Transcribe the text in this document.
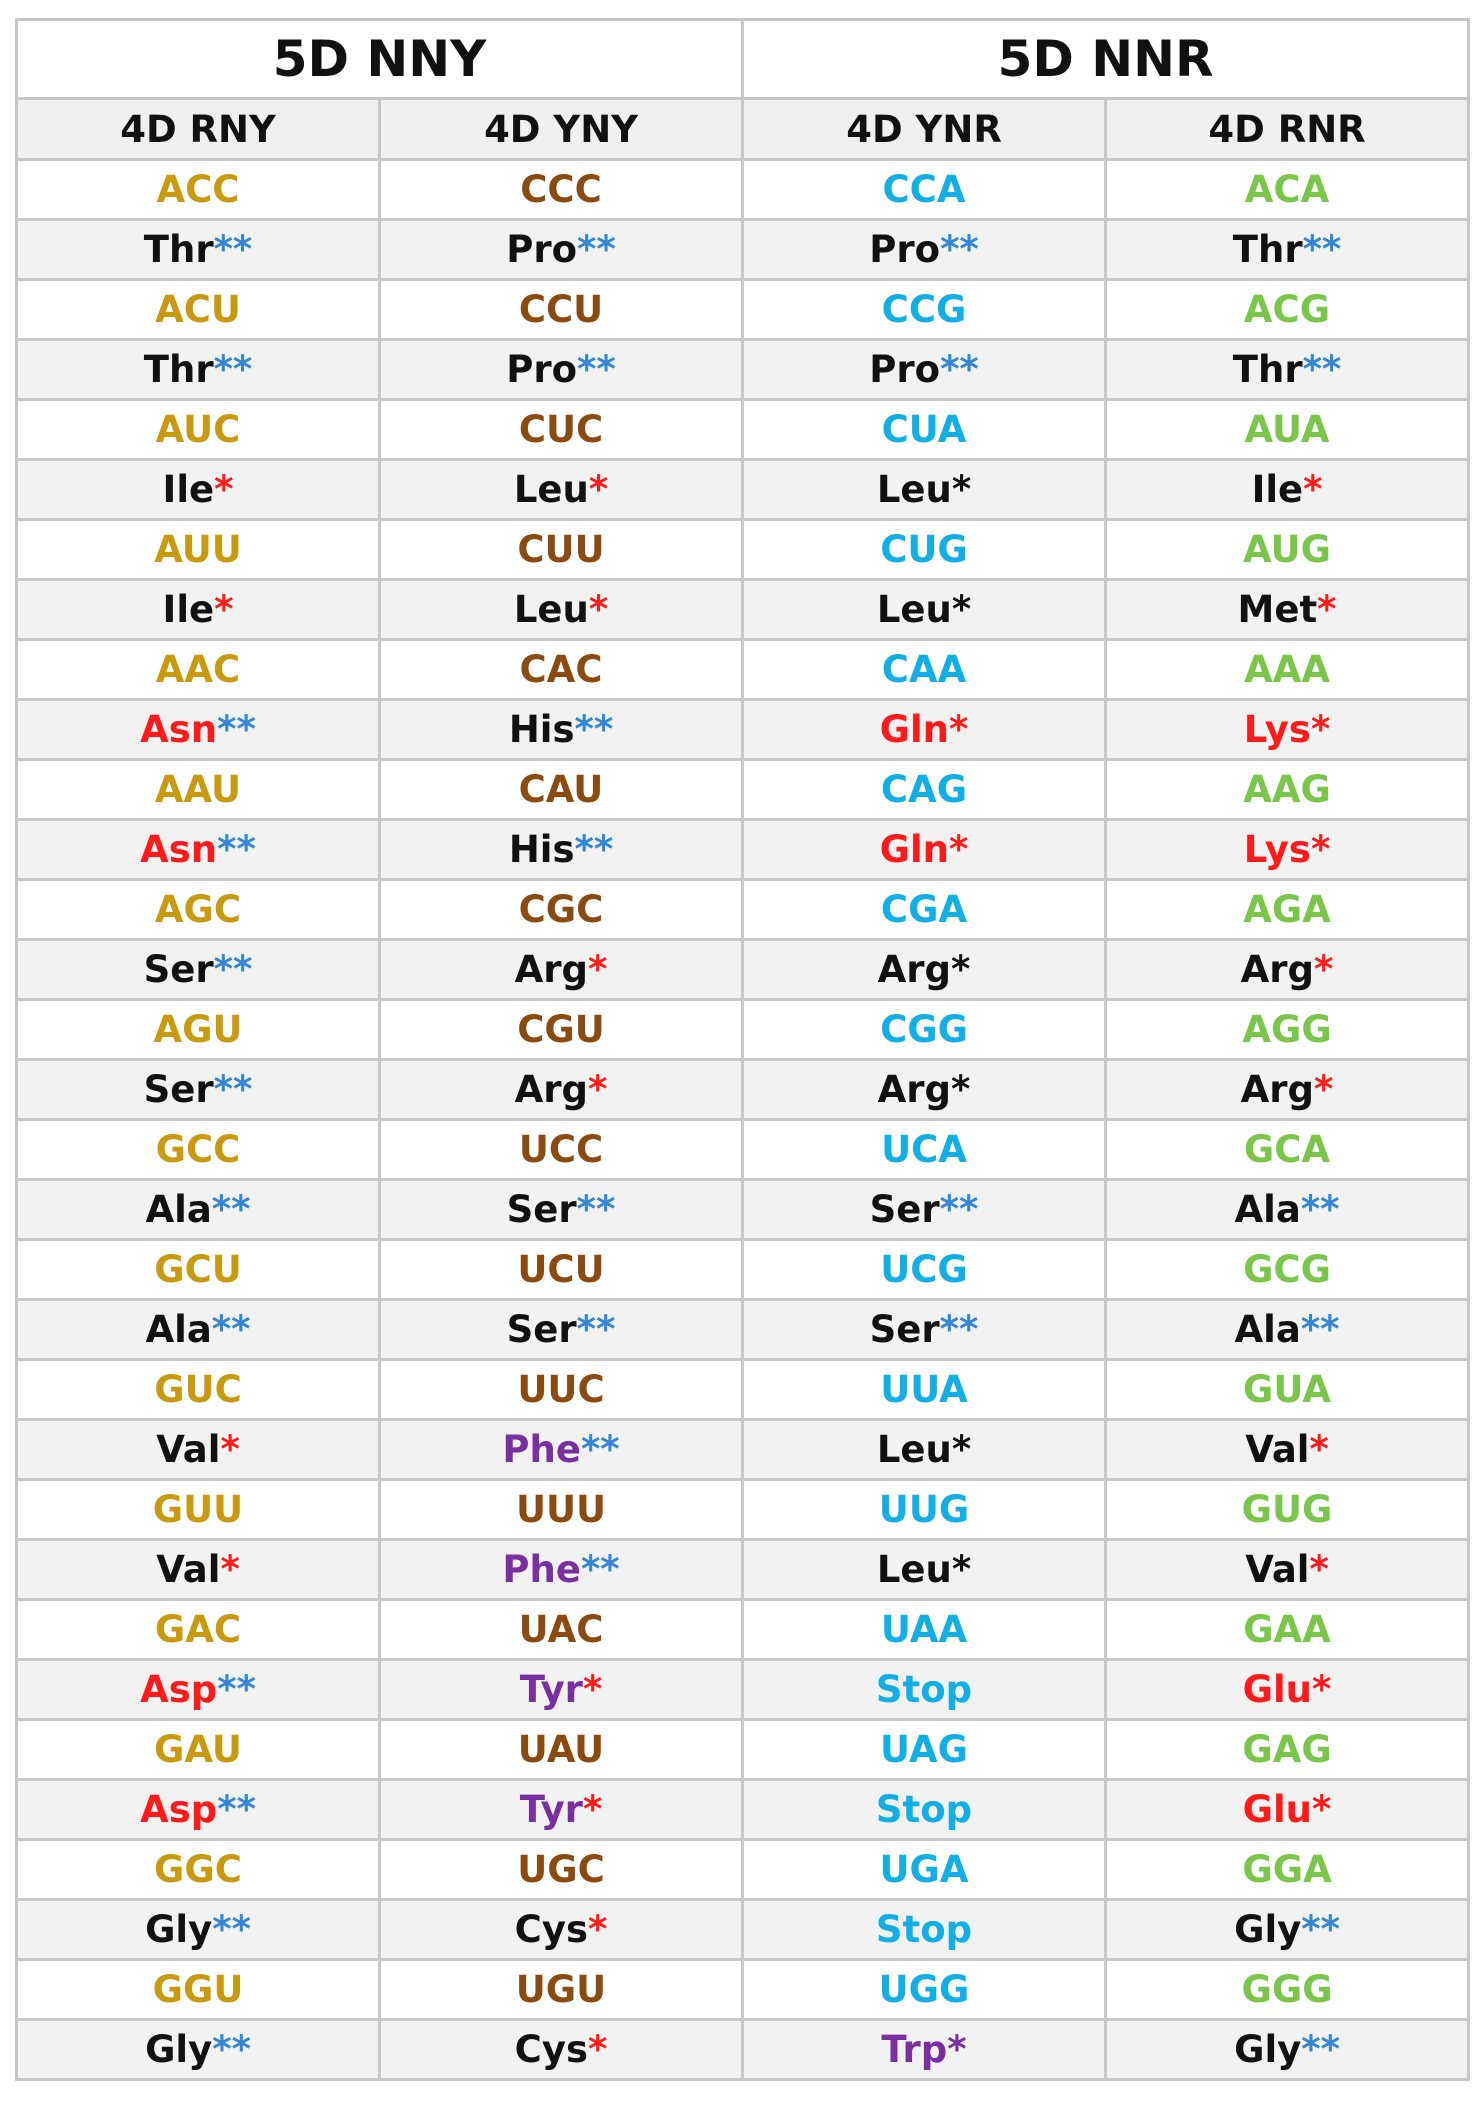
5D NNY		5D NNR	
4D RNY	4D YNY	4D YNR	4D RNR
ACC	CCC	CCA	ACA
Thr**	Pro**	Pro**	Thr**
ACU	CCU	CCG	ACG
Thr**	Pro**	Pro**	Thr**
AUC	CUC	CUA	AUA
Ile*	Leu*	Leu*	Ile*
AUU	CUU	CUG	AUG
Ile*	Leu*	Leu*	Met*
AAC	CAC	CAA	AAA
Asn**	His**	Gln*	Lys*
AAU	CAU	CAG	AAG
Asn**	His**	Gln*	Lys*
AGC	CGC	CGA	AGA
Ser**	Arg*	Arg*	Arg*
AGU	CGU	CGG	AGG
Ser**	Arg*	Arg*	Arg*
GCC	UCC	UCA	GCA
Ala**	Ser**	Ser**	Ala**
GCU	UCU	UCG	GCG
Ala**	Ser**	Ser**	Ala**
GUC	UUC	UUA	GUA
Val*	Phe**	Leu*	Val*
GUU	UUU	UUG	GUG
Val*	Phe**	Leu*	Val*
GAC	UAC	UAA	GAA
Asp**	Tyr*	Stop	Glu*
GAU	UAU	UAG	GAG
Asp**	Tyr*	Stop	Glu*
GGC	UGC	UGA	GGA
Gly**	Cys*	Stop	Gly**
GGU	UGU	UGG	GGG
Gly**	Cys*	Trp*	Gly**
